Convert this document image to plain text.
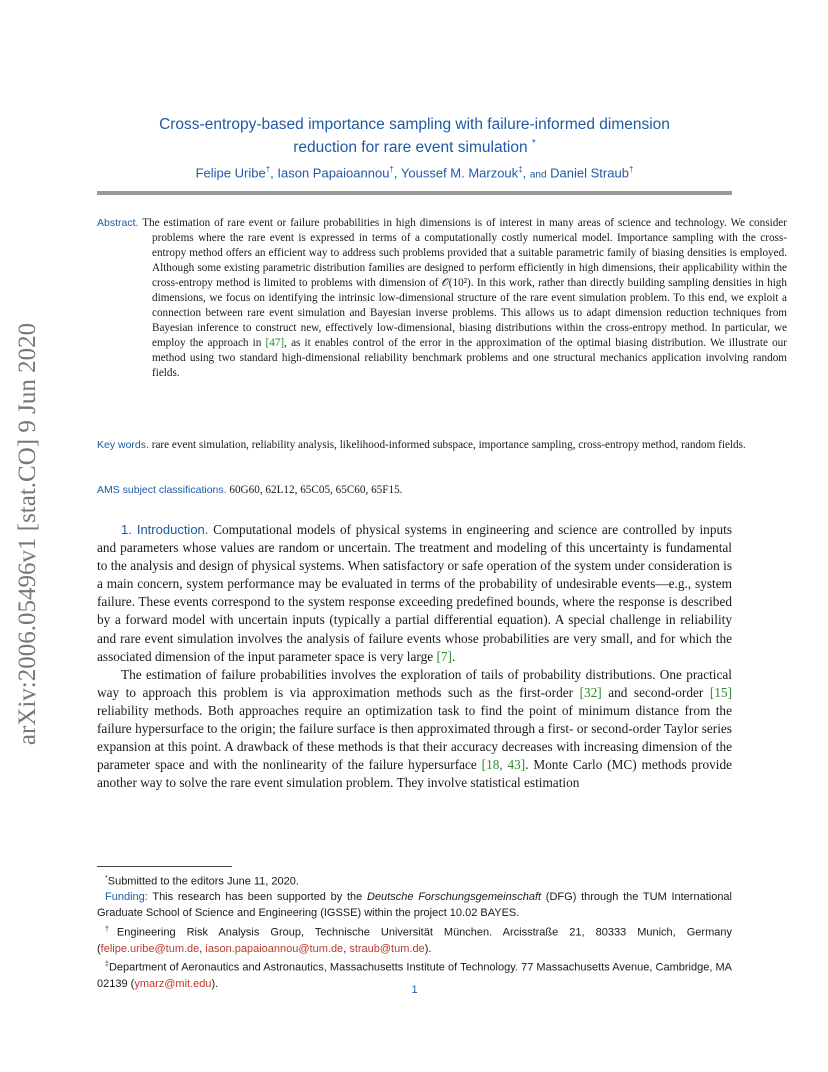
arXiv:2006.05496v1 [stat.CO] 9 Jun 2020
Cross-entropy-based importance sampling with failure-informed dimension
reduction for rare event simulation *
Felipe Uribe†, Iason Papaioannou†, Youssef M. Marzouk‡, and Daniel Straub†
Abstract. The estimation of rare event or failure probabilities in high dimensions is of interest in many areas of science and technology. We consider problems where the rare event is expressed in terms of a computationally costly numerical model. Importance sampling with the cross-entropy method offers an efficient way to address such problems provided that a suitable parametric family of biasing densities is employed. Although some existing parametric distribution families are designed to perform efficiently in high dimensions, their applicability within the cross-entropy method is limited to problems with dimension of 𝒪(10²). In this work, rather than directly building sampling densities in high dimensions, we focus on identifying the intrinsic low-dimensional structure of the rare event simulation problem. To this end, we exploit a connection between rare event simulation and Bayesian inverse problems. This allows us to adapt dimension reduction techniques from Bayesian inference to construct new, effectively low-dimensional, biasing distributions within the cross-entropy method. In particular, we employ the approach in [47], as it enables control of the error in the approximation of the optimal biasing distribution. We illustrate our method using two standard high-dimensional reliability benchmark problems and one structural mechanics application involving random fields.
Key words. rare event simulation, reliability analysis, likelihood-informed subspace, importance sampling, cross-entropy method, random fields.
AMS subject classifications. 60G60, 62L12, 65C05, 65C60, 65F15.

1. Introduction. Computational models of physical systems in engineering and science are controlled by inputs and parameters whose values are random or uncertain. The treatment and modeling of this uncertainty is fundamental to the analysis and design of physical systems. When satisfactory or safe operation of the system under consideration is a main concern, system performance may be evaluated in terms of the probability of undesirable events—e.g., system failure. These events correspond to the system response exceeding predefined bounds, where the response is described by a forward model with uncertain inputs (typically a partial differential equation). A special challenge in reliability and rare event simulation involves the analysis of failure events whose probabilities are very small, and for which the associated dimension of the input parameter space is very large [7].

The estimation of failure probabilities involves the exploration of tails of probability distributions. One practical way to approach this problem is via approximation methods such as the first-order [32] and second-order [15] reliability methods. Both approaches require an optimization task to find the point of minimum distance from the failure hypersurface to the origin; the failure surface is then approximated through a first- or second-order Taylor series expansion at this point. A drawback of these methods is that their accuracy decreases with increasing dimension of the parameter space and with the nonlinearity of the failure hypersurface [18, 43]. Monte Carlo (MC) methods provide another way to solve the rare event simulation problem. They involve statistical estimation

*Submitted to the editors June 11, 2020.

Funding: This research has been supported by the Deutsche Forschungsgemeinschaft (DFG) through the TUM International Graduate School of Science and Engineering (IGSSE) within the project 10.02 BAYES.

†Engineering Risk Analysis Group, Technische Universität München. Arcisstraße 21, 80333 Munich, Germany (felipe.uribe@tum.de, iason.papaioannou@tum.de, straub@tum.de).

‡Department of Aeronautics and Astronautics, Massachusetts Institute of Technology. 77 Massachusetts Avenue, Cambridge, MA 02139 (ymarz@mit.edu).

1
